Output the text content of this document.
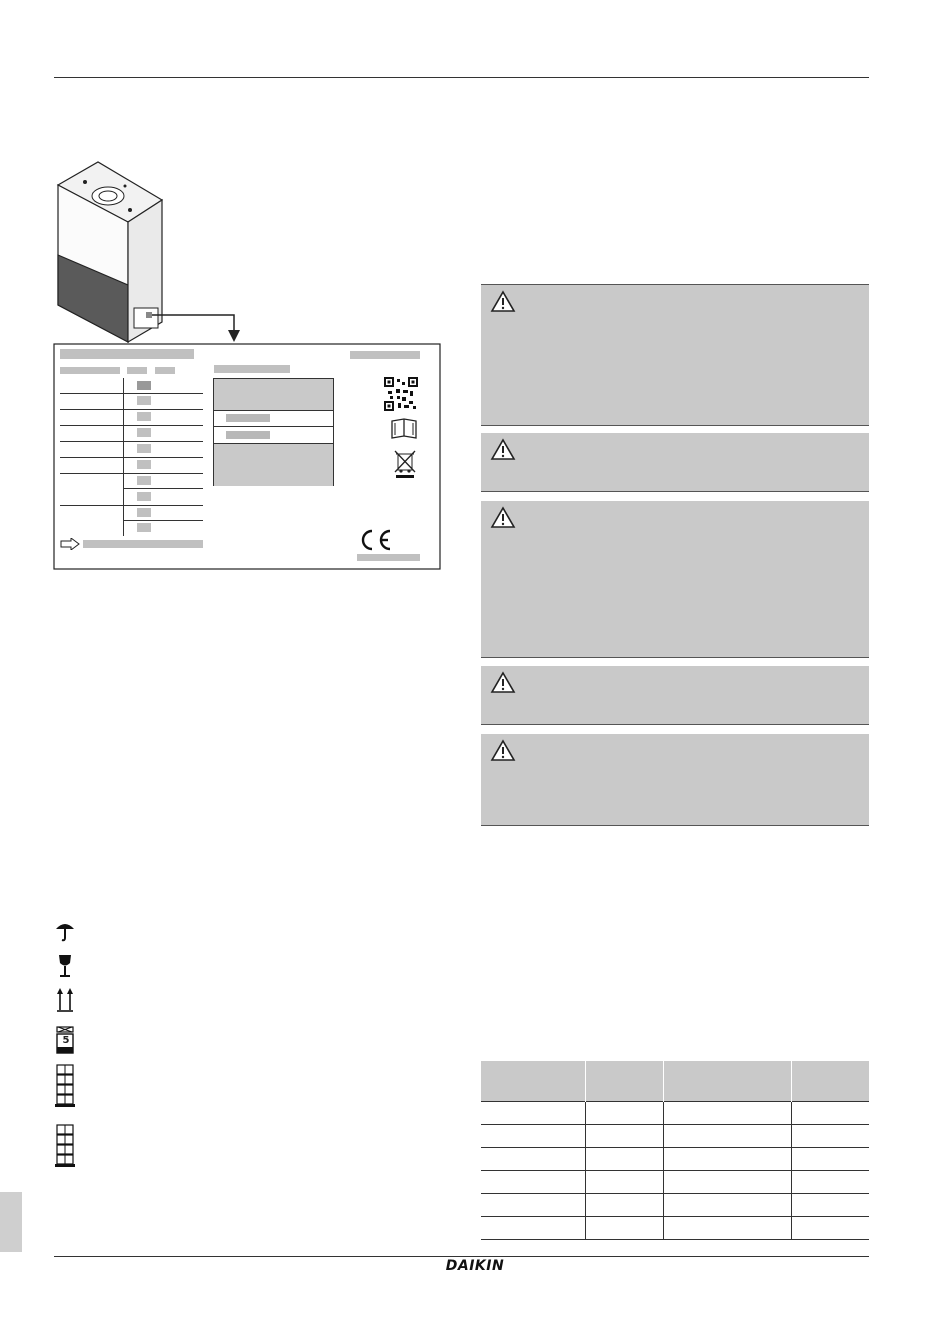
5

DAIKIN
